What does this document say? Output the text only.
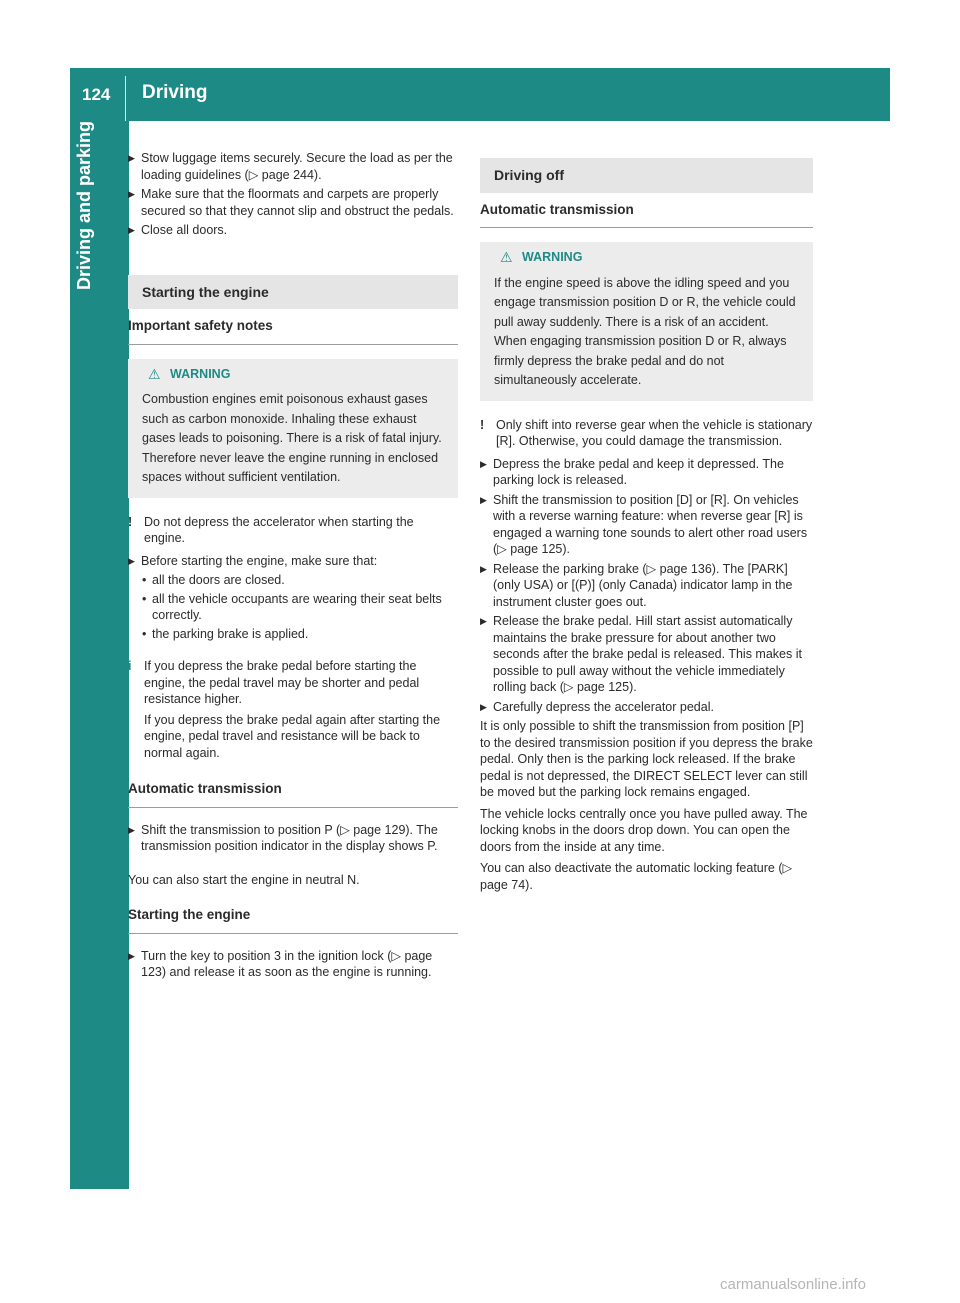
124 Driving
Driving and parking	▶ Stow luggage items securely. Secure the load as per the loading guidelines (▷ page 244).
▶ Make sure that the floormats and carpets are properly secured so that they cannot slip and obstruct the pedals.
▶ Close all doors.
Starting the engine
Important safety notes
⚠ WARNING

Combustion engines emit poisonous exhaust gases such as carbon monoxide. Inhaling these exhaust gases leads to poisoning. There is a risk of fatal injury. Therefore never leave the engine running in enclosed spaces without sufficient ventilation.

! Do not depress the accelerator when starting the engine.

▶ Before starting the engine, make sure that:
• all the doors are closed.
• all the vehicle occupants are wearing their seat belts correctly.
• the parking brake is applied.
i If you depress the brake pedal before starting the engine, the pedal travel may be shorter and pedal resistance higher.

If you depress the brake pedal again after starting the engine, pedal travel and resistance will be back to normal again.

Automatic transmission
▶ Shift the transmission to position P (▷ page 129). The transmission position indicator in the display shows P.
You can also start the engine in neutral N.
Starting the engine
▶ Turn the key to position 3 in the ignition lock (▷ page 123) and release it as soon as the engine is running.
Driving off
Automatic transmission
⚠ WARNING

If the engine speed is above the idling speed and you engage transmission position D or R, the vehicle could pull away suddenly. There is a risk of an accident.

When engaging transmission position D or R, always firmly depress the brake pedal and do not simultaneously accelerate.

! Only shift into reverse gear when the vehicle is stationary [R]. Otherwise, you could damage the transmission.

▶ Depress the brake pedal and keep it depressed. The parking lock is released.
▶ Shift the transmission to position [D] or [R]. On vehicles with a reverse warning feature: when reverse gear [R] is engaged a warning tone sounds to alert other road users (▷ page 125).
▶ Release the parking brake (▷ page 136). The [PARK] (only USA) or [(P)] (only Canada) indicator lamp in the instrument cluster goes out.
▶ Release the brake pedal. Hill start assist automatically maintains the brake pressure for about another two seconds after the brake pedal is released. This makes it possible to pull away without the vehicle immediately rolling back (▷ page 125).
▶ Carefully depress the accelerator pedal.
It is only possible to shift the transmission from position [P] to the desired transmission position if you depress the brake pedal. Only then is the parking lock released. If the brake pedal is not depressed, the DIRECT SELECT lever can still be moved but the parking lock remains engaged.
The vehicle locks centrally once you have pulled away. The locking knobs in the doors drop down. You can open the doors from the inside at any time.
You can also deactivate the automatic locking feature (▷ page 74).
carmanualsonline.info
